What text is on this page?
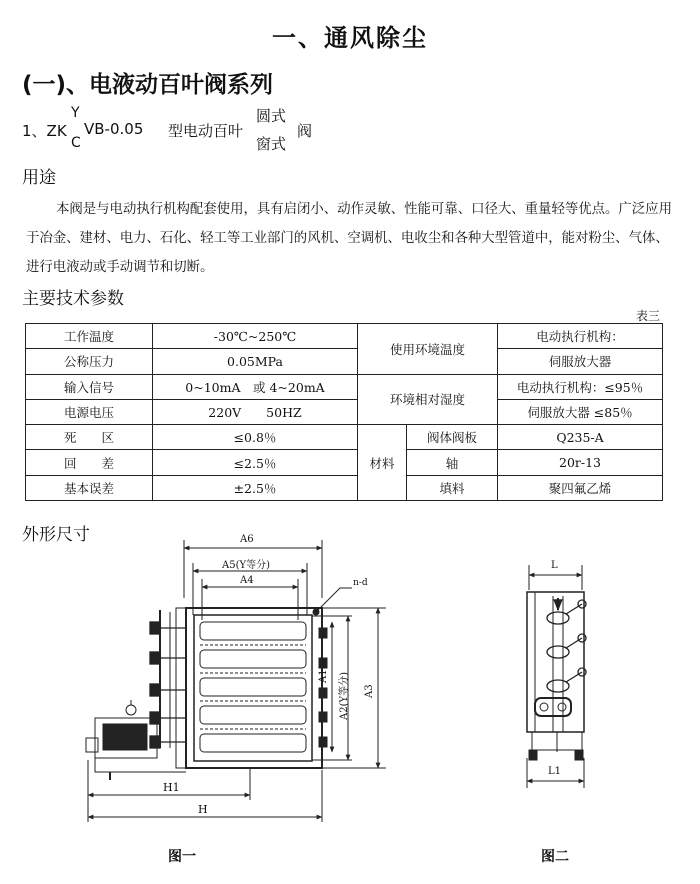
一、通风除尘
(一)、电液动百叶阀系列
1、ZK
Y
C
VB-0.05 型电动百叶
圆式
窗式
阀
用途
本阀是与电动执行机构配套使用，具有启闭小、动作灵敏、性能可靠、口径大、重量轻等优点。广泛应用于冶金、建材、电力、石化、轻工等工业部门的风机、空调机、电收尘和各种大型管道中，能对粉尘、气体、进行电液动或手动调节和切断。
主要技术参数
表三
工作温度	-30℃~250℃	使用环境温度		电动执行机构：
公称压力	0.05MPa			伺服放大器
输入信号	0~10mA　或 4~20mA	环境相对湿度		电动执行机构：≤95％
电源电压	220V　　50HZ			伺服放大器 ≤85％
死　　区	≤0.8％	材料	阀体阀板	Q235-A
回　　差	≤2.5％		轴	20r-13
基本误差	±2.5％		填料	聚四氟乙烯
外形尺寸	A6
A5(Y等分)
A4	n-d
A1	A2(Y等分) A3
H1
H
图一
L
L1
图二
